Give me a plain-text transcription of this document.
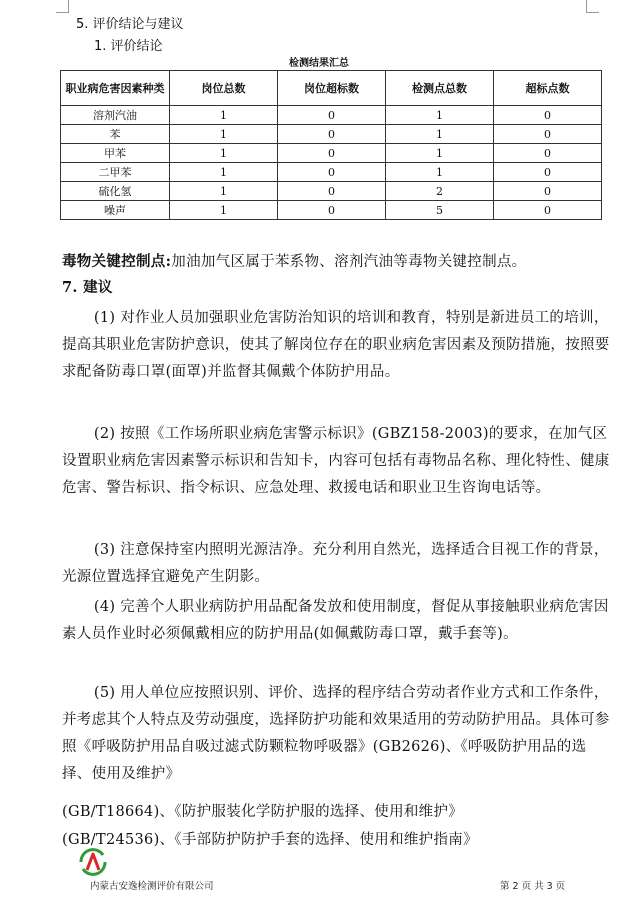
5. 评价结论与建议
1. 评价结论
检测结果汇总
职业病危害因素种类	岗位总数	岗位超标数	检测点总数	超标点数
溶剂汽油	1	0	1	0
苯	1	0	1	0
甲苯	1	0	1	0
二甲苯	1	0	1	0
硫化氢	1	0	2	0
噪声	1	0	5	0
毒物关键控制点:加油加气区属于苯系物、溶剂汽油等毒物关键控制点。
7. 建议
(1) 对作业人员加强职业危害防治知识的培训和教育，特别是新进员工的培训，提高其职业危害防护意识，使其了解岗位存在的职业病危害因素及预防措施，按照要求配备防毒口罩(面罩)并监督其佩戴个体防护用品。
(2) 按照《工作场所职业病危害警示标识》(GBZ158-2003)的要求，在加气区设置职业病危害因素警示标识和告知卡，内容可包括有毒物品名称、理化特性、健康危害、警告标识、指令标识、应急处理、救援电话和职业卫生咨询电话等。
(3) 注意保持室内照明光源洁净。充分利用自然光，选择适合目视工作的背景，光源位置选择宜避免产生阴影。
(4) 完善个人职业病防护用品配备发放和使用制度，督促从事接触职业病危害因素人员作业时必须佩戴相应的防护用品(如佩戴防毒口罩，戴手套等)。
(5) 用人单位应按照识别、评价、选择的程序结合劳动者作业方式和工作条件，并考虑其个人特点及劳动强度，选择防护功能和效果适用的劳动防护用品。具体可参照《呼吸防护用品自吸过滤式防颗粒物呼吸器》(GB2626)、《呼吸防护用品的选择、使用及维护》
(GB/T18664)、《防护服装化学防护服的选择、使用和维护》
(GB/T24536)、《手部防护防护手套的选择、使用和维护指南》
内蒙古安逸检测评价有限公司	第 2 页 共 3 页
